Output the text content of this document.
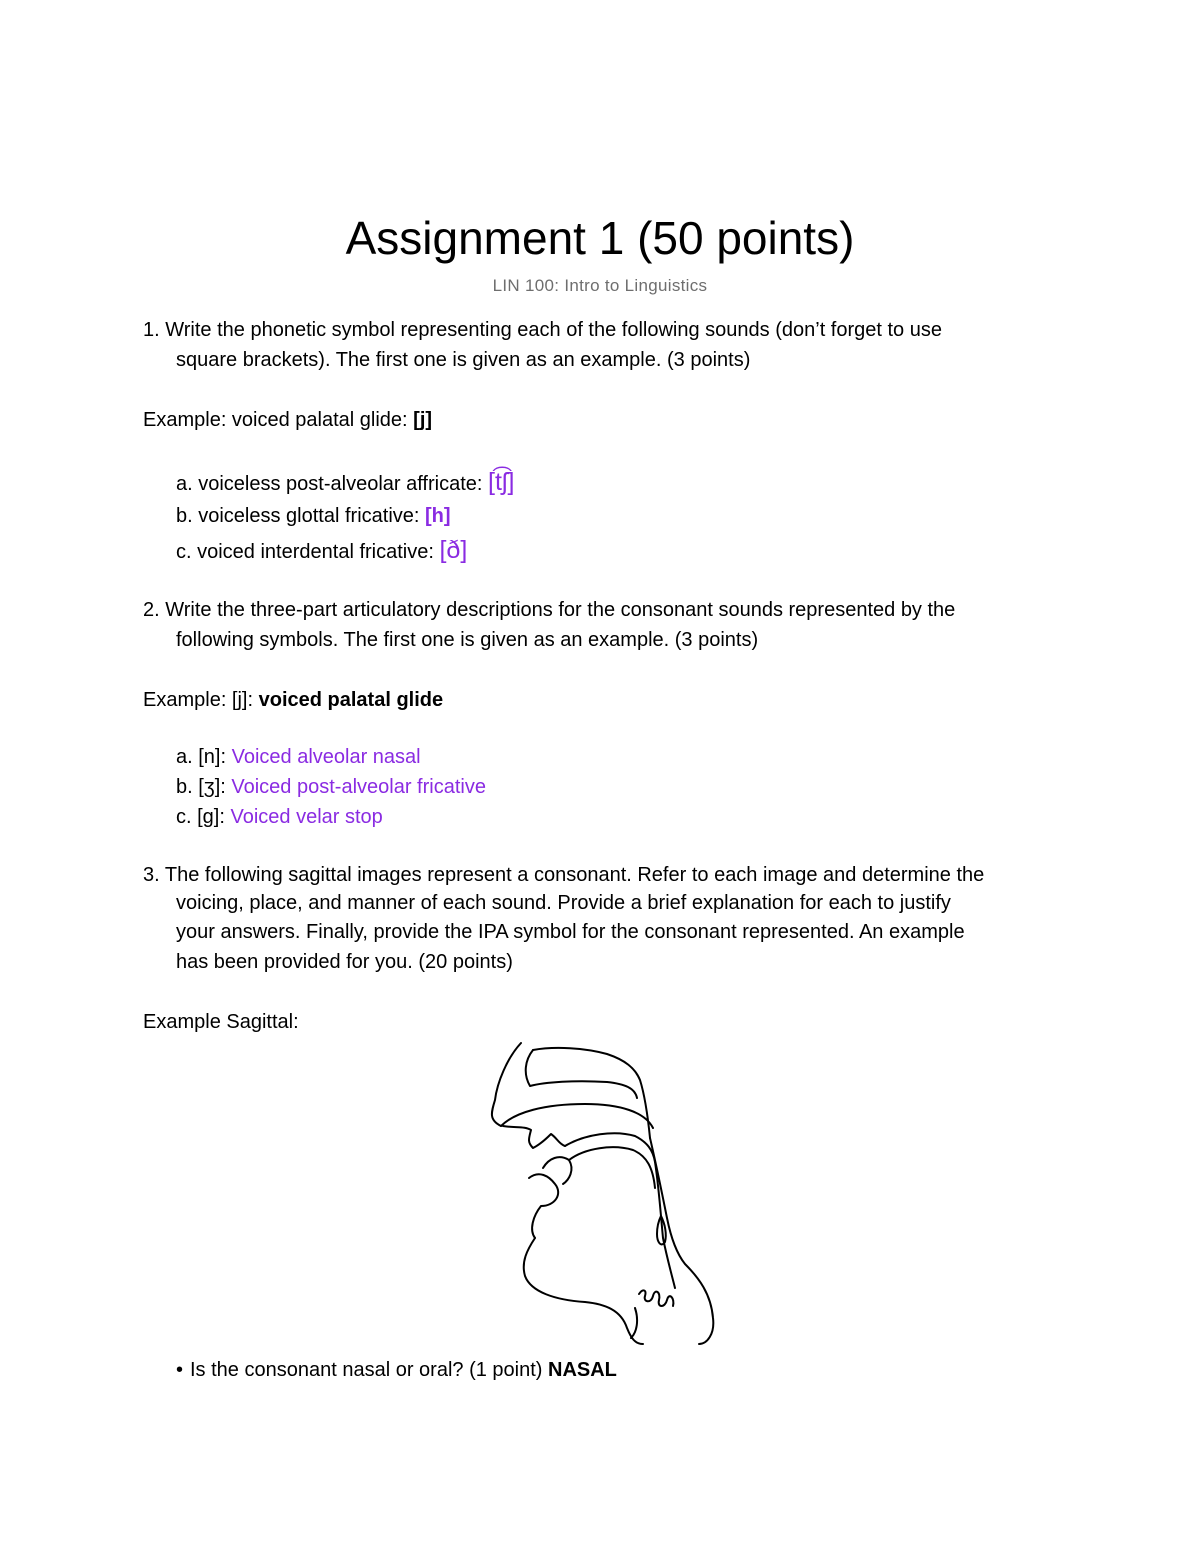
Assignment 1 (50 points)
LIN 100: Intro to Linguistics
1. Write the phonetic symbol representing each of the following sounds (don’t forget to use
square brackets). The first one is given as an example. (3 points)
Example: voiced palatal glide: [j]
a. voiceless post-alveolar affricate: [t͡ʃ]
b. voiceless glottal fricative: [h]
c. voiced interdental fricative: [ð]
2. Write the three-part articulatory descriptions for the consonant sounds represented by the
following symbols. The first one is given as an example. (3 points)
Example: [j]: voiced palatal glide
a. [n]: Voiced alveolar nasal
b. [ʒ]: Voiced post-alveolar fricative
c. [g]: Voiced velar stop
3. The following sagittal images represent a consonant. Refer to each image and determine the
voicing, place, and manner of each sound. Provide a brief explanation for each to justify
your answers. Finally, provide the IPA symbol for the consonant represented. An example
has been provided for you. (20 points)
Example Sagittal:
• Is the consonant nasal or oral? (1 point) NASAL
